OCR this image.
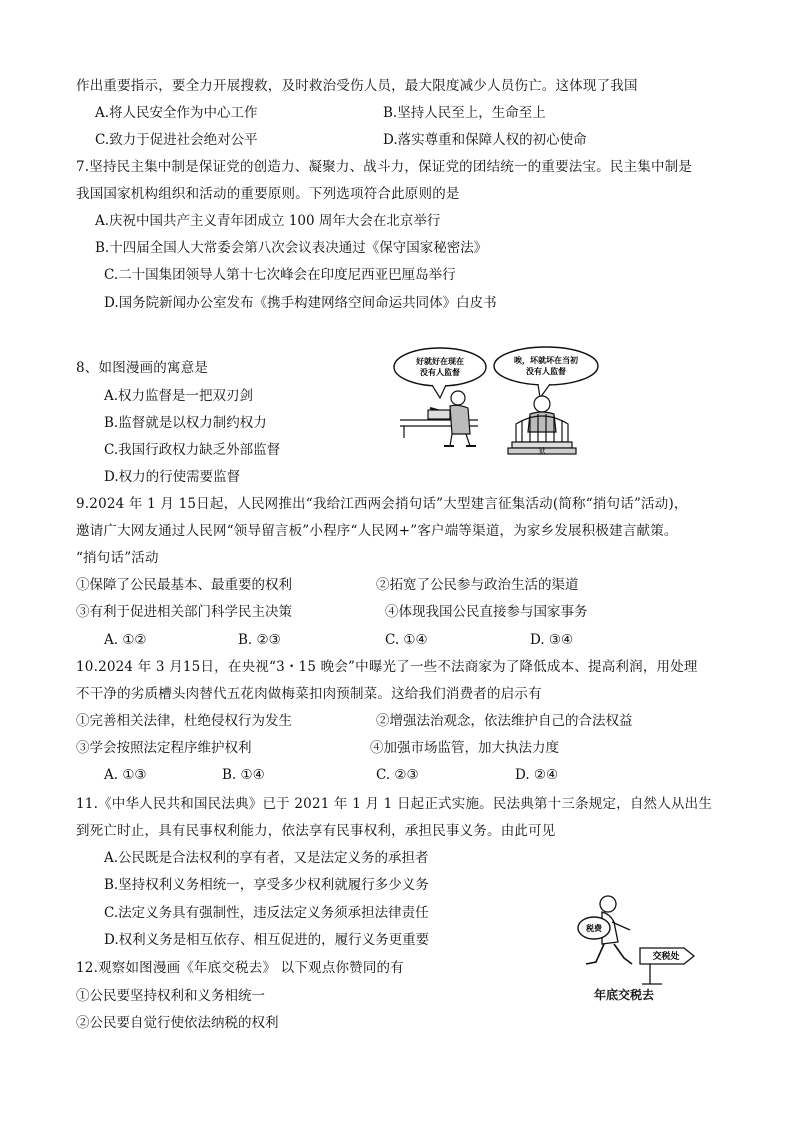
作出重要指示，要全力开展搜救，及时救治受伤人员，最大限度减少人员伤亡。这体现了我国
A.将人民安全作为中心工作	B.坚持人民至上，生命至上
C.致力于促进社会绝对公平	D.落实尊重和保障人权的初心使命
7.坚持民主集中制是保证党的创造力、凝聚力、战斗力，保证党的团结统一的重要法宝。民主集中制是
我国国家机构组织和活动的重要原则。下列选项符合此原则的是
A.庆祝中国共产主义青年团成立 100 周年大会在北京举行
B.十四届全国人大常委会第八次会议表决通过《保守国家秘密法》
C.二十国集团领导人第十七次峰会在印度尼西亚巴厘岛举行
D.国务院新闻办公室发布《携手构建网络空间命运共同体》白皮书
8、如图漫画的寓意是
A.权力监督是一把双刃剑
B.监督就是以权力制约权力
C.我国行政权力缺乏外部监督
D.权力的行使需要监督
好就好在现在
没有人监督
唉，坏就坏在当初
没有人监督
狱
9.2024 年 1 月 15日起，人民网推出“我给江西两会捎句话”大型建言征集活动(简称“捎句话”活动)，
邀请广大网友通过人民网“领导留言板”小程序“人民网+”客户端等渠道，为家乡发展积极建言献策。
“捎句话”活动
①保障了公民最基本、最重要的权利	②拓宽了公民参与政治生活的渠道
③有利于促进相关部门科学民主决策	④体现我国公民直接参与国家事务
A. ①②	B. ②③	C. ①④	D. ③④
10.2024 年 3 月15日，在央视“3・15 晚会”中曝光了一些不法商家为了降低成本、提高利润，用处理
不干净的劣质槽头肉替代五花肉做梅菜扣肉预制菜。这给我们消费者的启示有
①完善相关法律，杜绝侵权行为发生	②增强法治观念，依法维护自己的合法权益
③学会按照法定程序维护权利	④加强市场监管，加大执法力度
A. ①③	B. ①④	C. ②③	D. ②④
11.《中华人民共和国民法典》已于 2021 年 1 月 1 日起正式实施。民法典第十三条规定，自然人从出生
到死亡时止，具有民事权利能力，依法享有民事权利，承担民事义务。由此可见
A.公民既是合法权利的享有者，又是法定义务的承担者
B.坚持权利义务相统一，享受多少权利就履行多少义务
C.法定义务具有强制性，违反法定义务须承担法律责任
D.权利义务是相互依存、相互促进的，履行义务更重要
12.观察如图漫画《年底交税去》 以下观点你赞同的有
①公民要坚持权利和义务相统一
②公民要自觉行使依法纳税的权利
税费
交税处
年底交税去
